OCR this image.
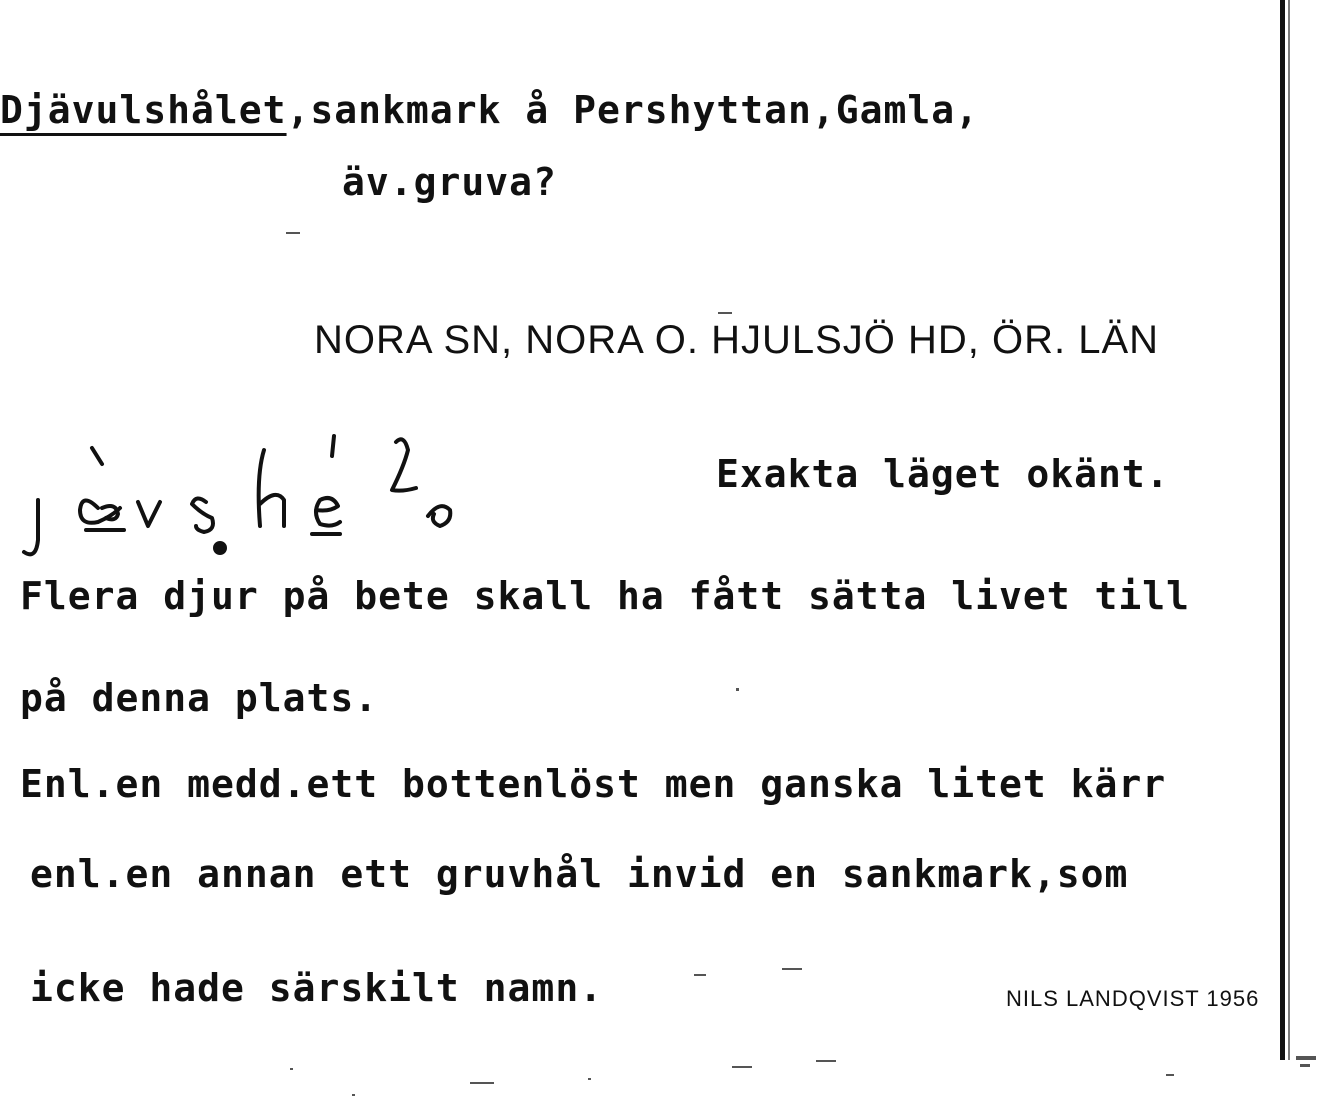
Djävulshålet,sankmark å Pershyttan,Gamla,
äv.gruva?
NORA SN, NORA O. HJULSJÖ HD, ÖR. LÄN
Exakta läget okänt.
Flera djur på bete skall ha fått sätta livet till
på denna plats.
Enl.en medd.ett bottenlöst men ganska litet kärr
enl.en annan ett gruvhål invid en sankmark,som
icke hade särskilt namn.	NILS LANDQVIST 1956
